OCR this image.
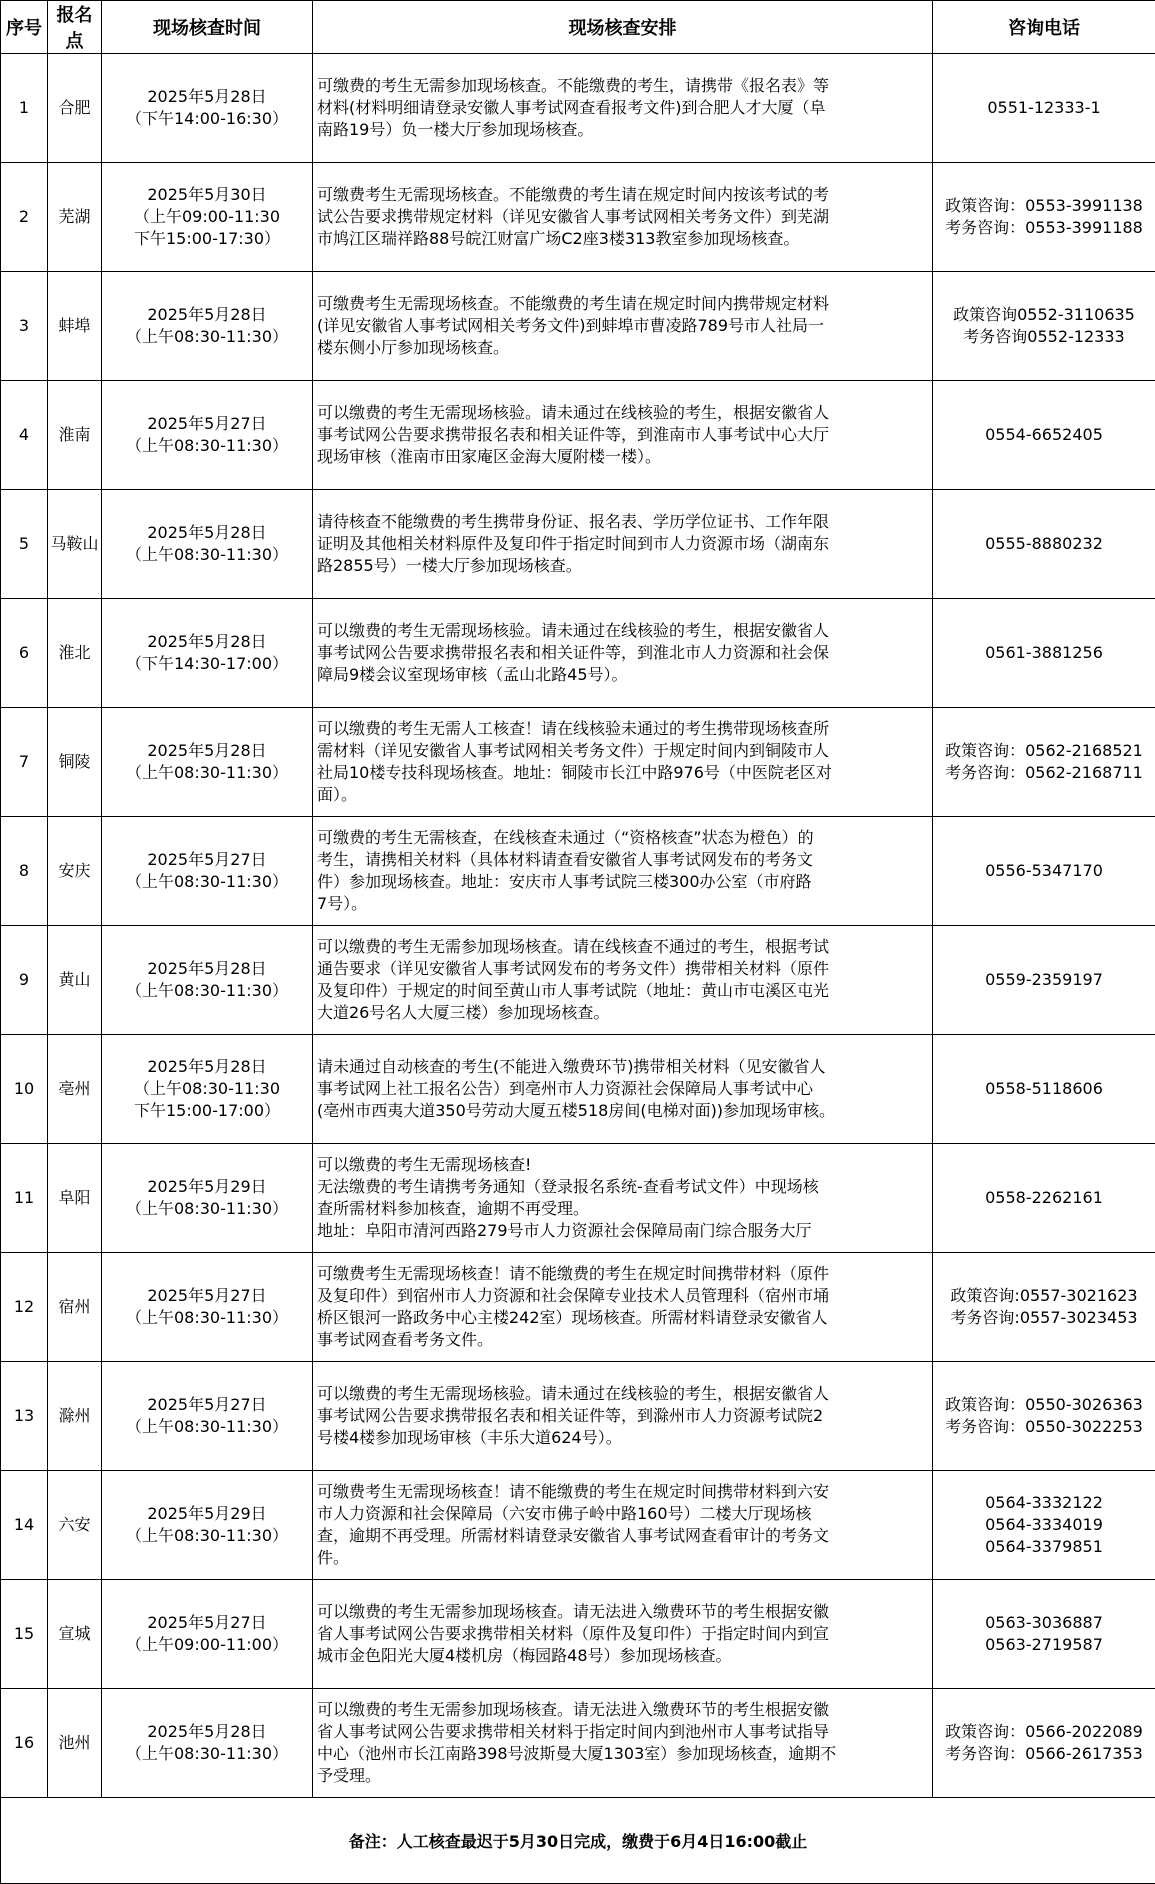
序号	报名点	现场核查时间	现场核查安排	咨询电话
1	合肥	2025年5月28日
（下午14:00-16:30）	可缴费的考生无需参加现场核查。不能缴费的考生，请携带《报名表》等
材料(材料明细请登录安徽人事考试网查看报考文件)到合肥人才大厦（阜
南路19号）负一楼大厅参加现场核查。	0551-12333-1

2	芜湖	2025年5月30日
（上午09:00-11:30
下午15:00-17:30）	可缴费考生无需现场核查。不能缴费的考生请在规定时间内按该考试的考
试公告要求携带规定材料（详见安徽省人事考试网相关考务文件）到芜湖
市鸠江区瑞祥路88号皖江财富广场C2座3楼313教室参加现场核查。	政策咨询：0553-3991138
考务咨询：0553-3991188

3	蚌埠	2025年5月28日
（上午08:30-11:30）	可缴费考生无需现场核查。不能缴费的考生请在规定时间内携带规定材料
(详见安徽省人事考试网相关考务文件)到蚌埠市曹凌路789号市人社局一
楼东侧小厅参加现场核查。	政策咨询0552-3110635
考务咨询0552-12333

4	淮南	2025年5月27日
（上午08:30-11:30）	可以缴费的考生无需现场核验。请未通过在线核验的考生，根据安徽省人
事考试网公告要求携带报名表和相关证件等，到淮南市人事考试中心大厅
现场审核（淮南市田家庵区金海大厦附楼一楼）。	0554-6652405

5	马鞍山	2025年5月28日
（上午08:30-11:30）	请待核查不能缴费的考生携带身份证、报名表、学历学位证书、工作年限
证明及其他相关材料原件及复印件于指定时间到市人力资源市场（湖南东
路2855号）一楼大厅参加现场核查。	0555-8880232

6	淮北	2025年5月28日
（下午14:30-17:00）	可以缴费的考生无需现场核验。请未通过在线核验的考生，根据安徽省人
事考试网公告要求携带报名表和相关证件等，到淮北市人力资源和社会保
障局9楼会议室现场审核（孟山北路45号）。	0561-3881256

7	铜陵	2025年5月28日
（上午08:30-11:30）	可以缴费的考生无需人工核查！请在线核验未通过的考生携带现场核查所
需材料（详见安徽省人事考试网相关考务文件）于规定时间内到铜陵市人
社局10楼专技科现场核查。地址：铜陵市长江中路976号（中医院老区对
面）。	政策咨询：0562-2168521
考务咨询：0562-2168711

8	安庆	2025年5月27日
（上午08:30-11:30）	可缴费的考生无需核查，在线核查未通过（“资格核查”状态为橙色）的
考生，请携相关材料（具体材料请查看安徽省人事考试网发布的考务文
件）参加现场核查。地址：安庆市人事考试院三楼300办公室（市府路
7号）。	0556-5347170

9	黄山	2025年5月28日
（上午08:30-11:30）	可以缴费的考生无需参加现场核查。请在线核查不通过的考生，根据考试
通告要求（详见安徽省人事考试网发布的考务文件）携带相关材料（原件
及复印件）于规定的时间至黄山市人事考试院（地址：黄山市屯溪区屯光
大道26号名人大厦三楼）参加现场核查。	0559-2359197

10	亳州	2025年5月28日
（上午08:30-11:30
下午15:00-17:00）	请未通过自动核查的考生(不能进入缴费环节)携带相关材料（见安徽省人
事考试网上社工报名公告）到亳州市人力资源社会保障局人事考试中心
(亳州市西夷大道350号劳动大厦五楼518房间(电梯对面))参加现场审核。	0558-5118606

11	阜阳	2025年5月29日
（上午08:30-11:30）	可以缴费的考生无需现场核查!
无法缴费的考生请携考务通知（登录报名系统-查看考试文件）中现场核
查所需材料参加核查，逾期不再受理。
地址：阜阳市清河西路279号市人力资源社会保障局南门综合服务大厅	0558-2262161

12	宿州	2025年5月27日
（上午08:30-11:30）	可缴费考生无需现场核查！请不能缴费的考生在规定时间携带材料（原件
及复印件）到宿州市人力资源和社会保障专业技术人员管理科（宿州市埇
桥区银河一路政务中心主楼242室）现场核查。所需材料请登录安徽省人
事考试网查看考务文件。	政策咨询:0557-3021623
考务咨询:0557-3023453

13	滁州	2025年5月27日
（上午08:30-11:30）	可以缴费的考生无需现场核验。请未通过在线核验的考生，根据安徽省人
事考试网公告要求携带报名表和相关证件等，到滁州市人力资源考试院2
号楼4楼参加现场审核（丰乐大道624号）。	政策咨询：0550-3026363
考务咨询：0550-3022253

14	六安	2025年5月29日
（上午08:30-11:30）	可缴费考生无需现场核查！请不能缴费的考生在规定时间携带材料到六安
市人力资源和社会保障局（六安市佛子岭中路160号）二楼大厅现场核
查，逾期不再受理。所需材料请登录安徽省人事考试网查看审计的考务文
件。	0564-3332122
0564-3334019
0564-3379851

15	宣城	2025年5月27日
（上午09:00-11:00）	可以缴费的考生无需参加现场核查。请无法进入缴费环节的考生根据安徽
省人事考试网公告要求携带相关材料（原件及复印件）于指定时间内到宣
城市金色阳光大厦4楼机房（梅园路48号）参加现场核查。	0563-3036887
0563-2719587

16	池州	2025年5月28日
（上午08:30-11:30）	可以缴费的考生无需参加现场核查。请无法进入缴费环节的考生根据安徽
省人事考试网公告要求携带相关材料于指定时间内到池州市人事考试指导
中心（池州市长江南路398号波斯曼大厦1303室）参加现场核查，逾期不
予受理。	政策咨询：0566-2022089
考务咨询：0566-2617353

备注：人工核查最迟于5月30日完成，缴费于6月4日16:00截止				
